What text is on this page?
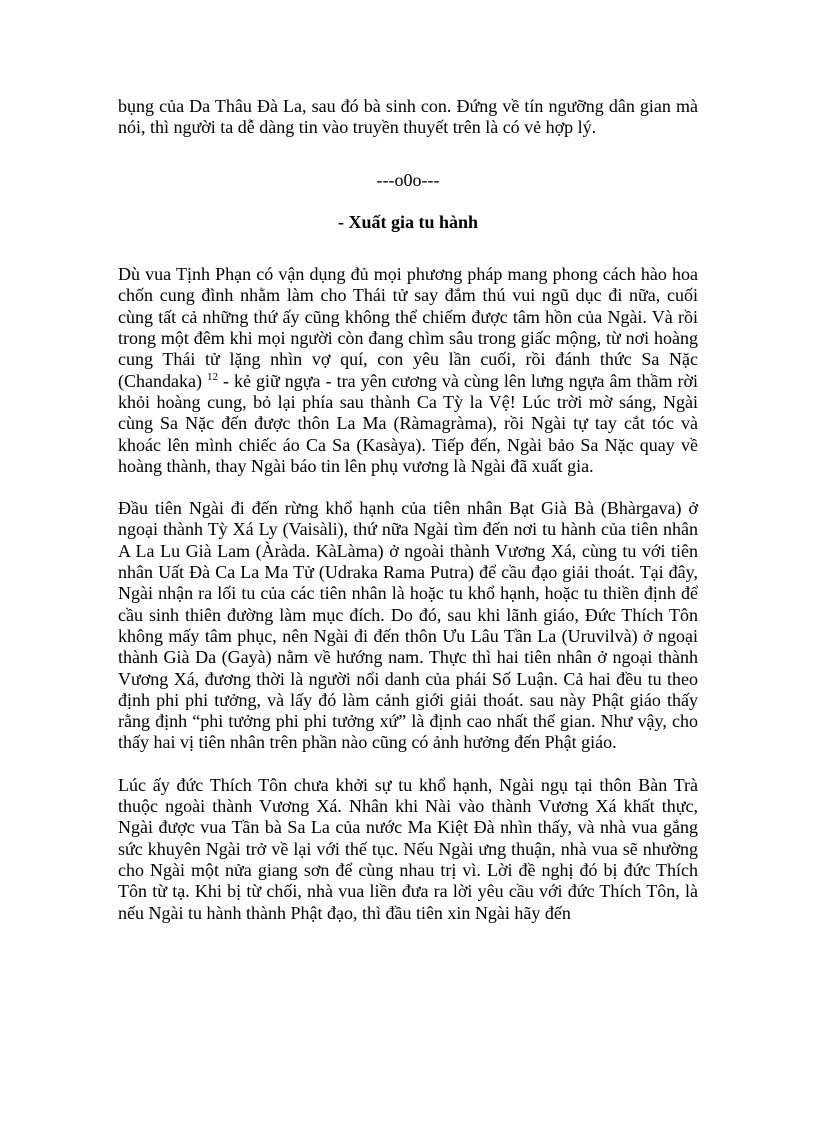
bụng của Da Thâu Đà La, sau đó bà sinh con. Đứng về tín ngưỡng dân gian mà nói, thì người ta dễ dàng tin vào truyền thuyết trên là có vẻ hợp lý.

---o0o---

- Xuất gia tu hành

Dù vua Tịnh Phạn có vận dụng đủ mọi phương pháp mang phong cách hào hoa chốn cung đình nhằm làm cho Thái tử say đắm thú vui ngũ dục đi nữa, cuối cùng tất cả những thứ ấy cũng không thể chiếm được tâm hồn của Ngài. Và rồi trong một đêm khi mọi người còn đang chìm sâu trong giấc mộng, từ nơi hoàng cung Thái tử lặng nhìn vợ quí, con yêu lần cuối, rồi đánh thức Sa Nặc (Chandaka) $^{12}$ - kẻ giữ ngựa - tra yên cương và cùng lên lưng ngựa âm thầm rời khỏi hoàng cung, bỏ lại phía sau thành Ca Tỳ la Vệ! Lúc trời mờ sáng, Ngài cùng Sa Nặc đến được thôn La Ma (Ràmagràma), rồi Ngài tự tay cắt tóc và khoác lên mình chiếc áo Ca Sa (Kasàya). Tiếp đến, Ngài bảo Sa Nặc quay về hoàng thành, thay Ngài báo tin lên phụ vương là Ngài đã xuất gia.

Đầu tiên Ngài đi đến rừng khổ hạnh của tiên nhân Bạt Già Bà (Bhàrgava) ở ngoại thành Tỳ Xá Ly (Vaisàli), thứ nữa Ngài tìm đến nơi tu hành của tiên nhân A La Lu Già Lam (Àràda. KàLàma) ở ngoài thành Vương Xá, cùng tu với tiên nhân Uất Đà Ca La Ma Tử (Udraka Rama Putra) để cầu đạo giải thoát. Tại đây, Ngài nhận ra lối tu của các tiên nhân là hoặc tu khổ hạnh, hoặc tu thiền định để cầu sinh thiên đường làm mục đích. Do đó, sau khi lãnh giáo, Đức Thích Tôn không mấy tâm phục, nên Ngài đi đến thôn Ưu Lâu Tần La (Uruvilvà) ở ngoại thành Già Da (Gayà) nằm về hướng nam. Thực thì hai tiên nhân ở ngoại thành Vương Xá, đương thời là người nổi danh của phái Số Luận. Cả hai đều tu theo định phi phi tưởng, và lấy đó làm cảnh giới giải thoát. sau này Phật giáo thấy rằng định “phi tưởng phi phi tưởng xứ” là định cao nhất thế gian. Như vậy, cho thấy hai vị tiên nhân trên phần nào cũng có ảnh hưởng đến Phật giáo.

Lúc ấy đức Thích Tôn chưa khởi sự tu khổ hạnh, Ngài ngụ tại thôn Bàn Trà thuộc ngoài thành Vương Xá. Nhân khi Nài vào thành Vương Xá khất thực, Ngài được vua Tần bà Sa La của nước Ma Kiệt Đà nhìn thấy, và nhà vua gắng sức khuyên Ngài trở về lại với thế tục. Nếu Ngài ưng thuận, nhà vua sẽ nhường cho Ngài một nửa giang sơn để cùng nhau trị vì. Lời đề nghị đó bị đức Thích Tôn từ tạ. Khi bị từ chối, nhà vua liền đưa ra lời yêu cầu với đức Thích Tôn, là nếu Ngài tu hành thành Phật đạo, thì đầu tiên xin Ngài hãy đến
